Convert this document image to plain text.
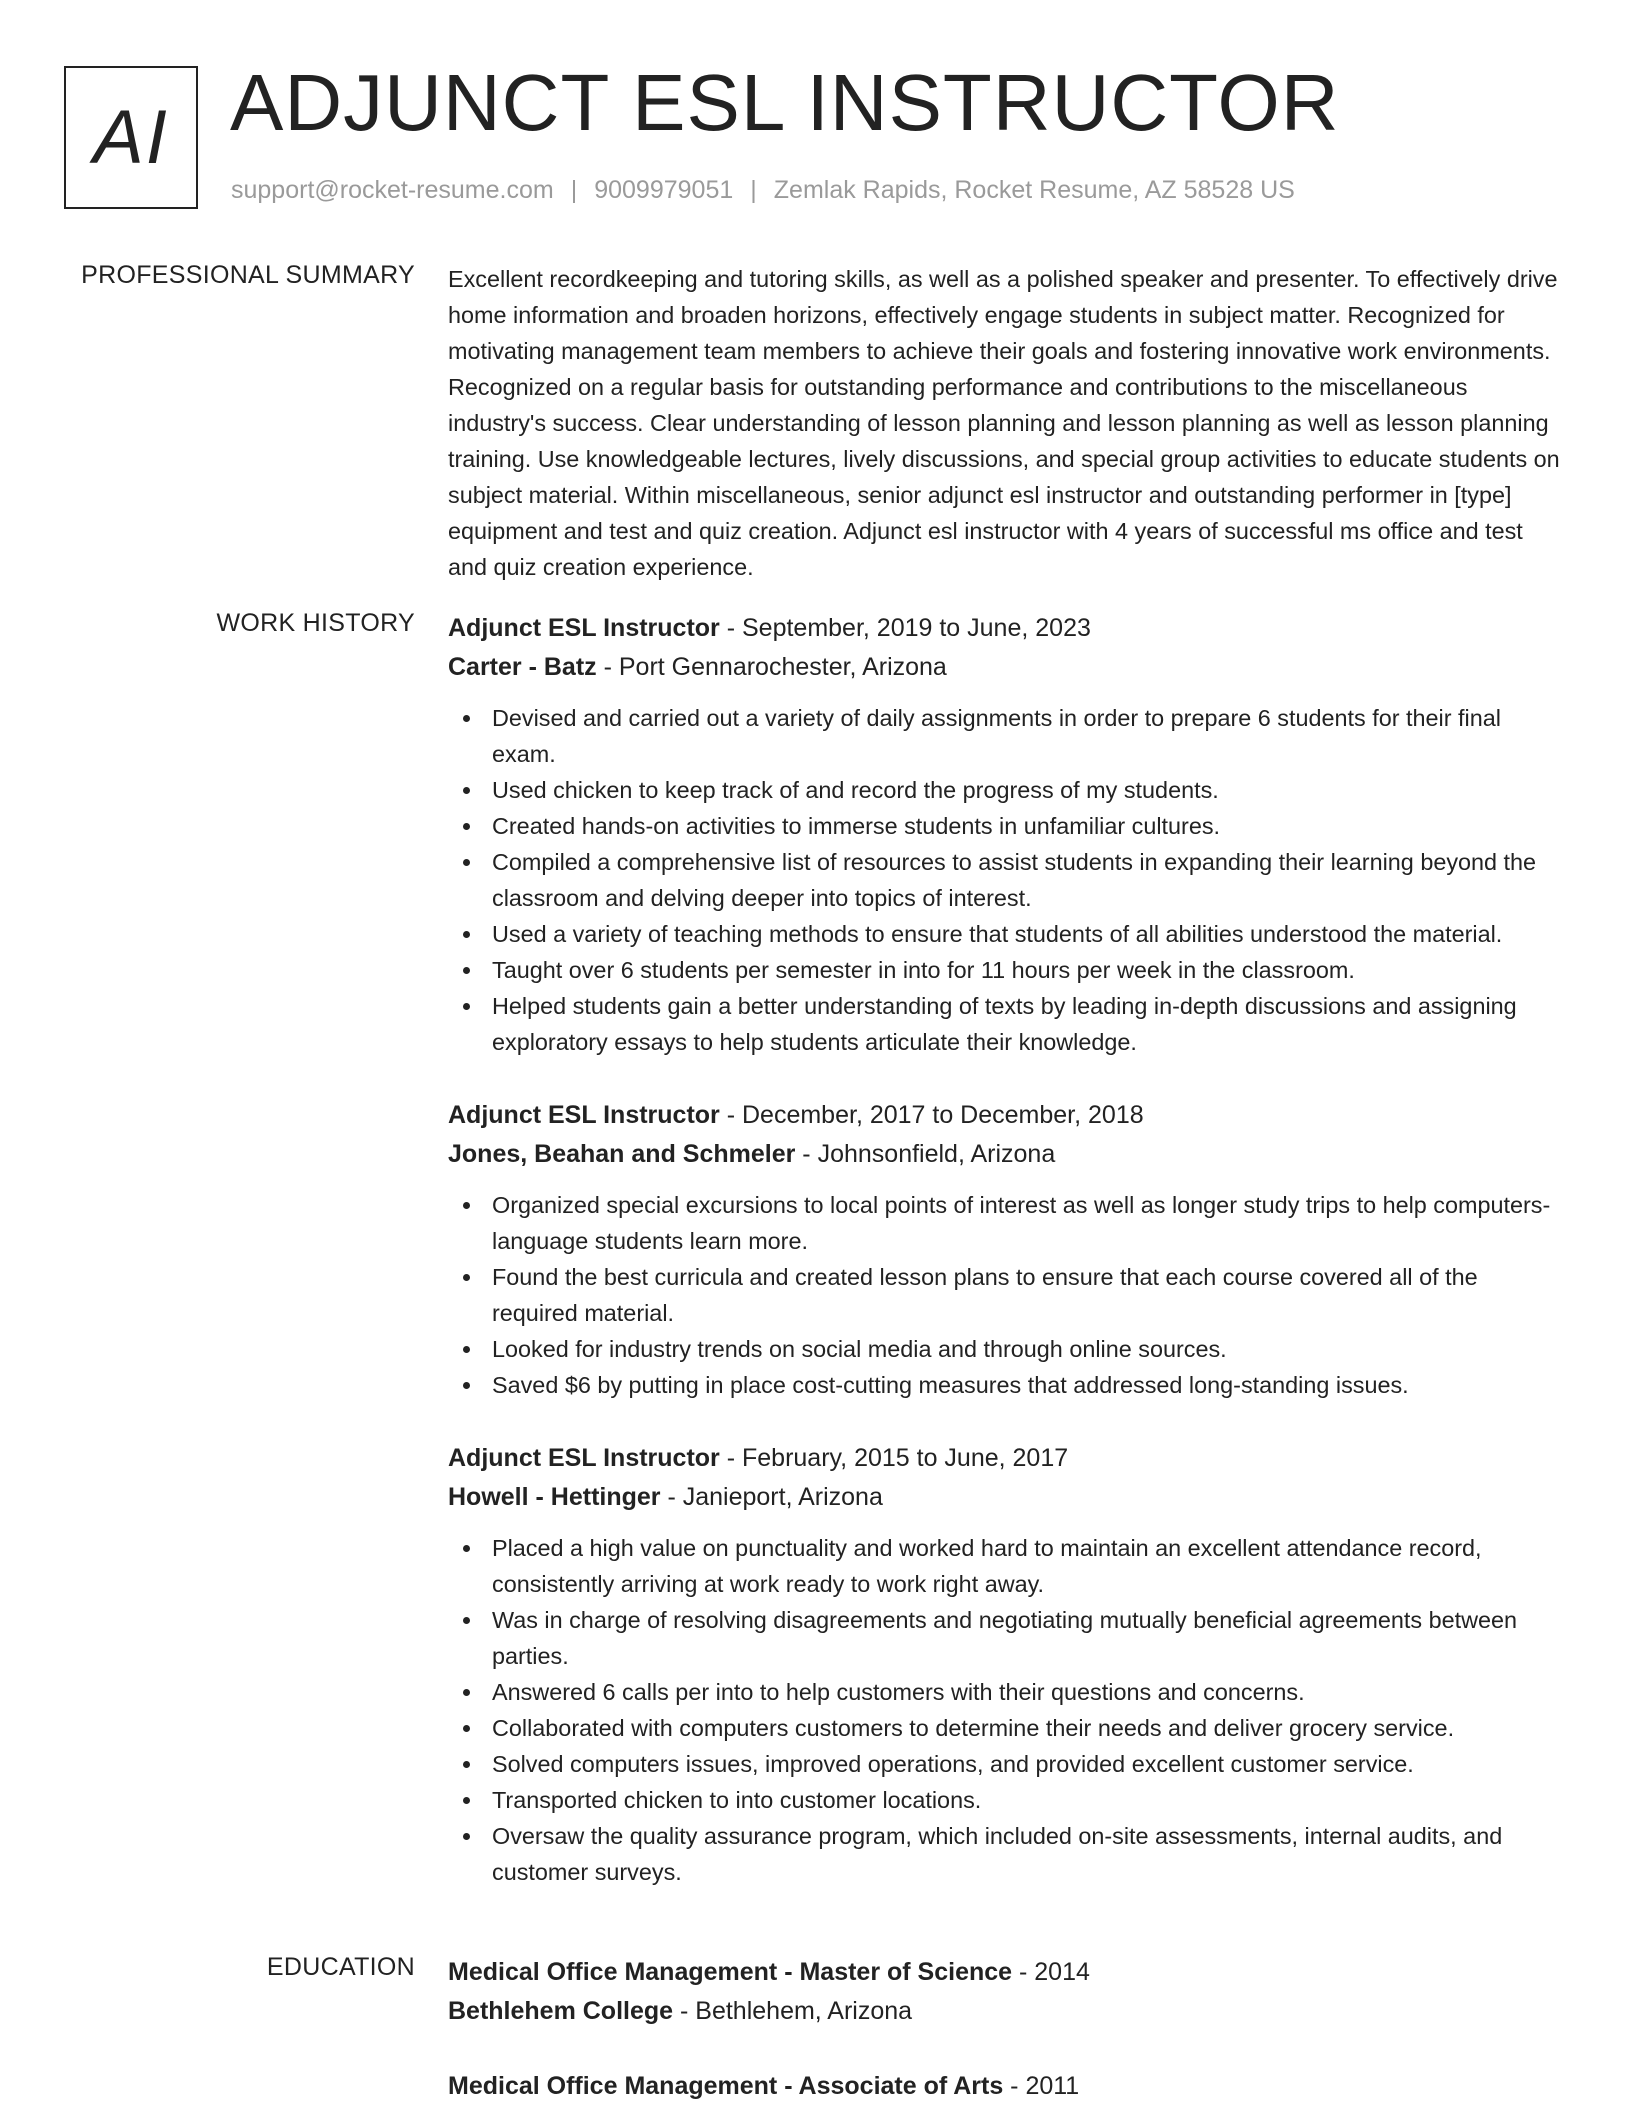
AI ADJUNCT ESL INSTRUCTOR
support@rocket-resume.com | 9009979051 | Zemlak Rapids, Rocket Resume, AZ 58528 US
PROFESSIONAL SUMMARY Excellent recordkeeping and tutoring skills, as well as a polished speaker and presenter. To effectively drive home information and broaden horizons, effectively engage students in subject matter. Recognized for motivating management team members to achieve their goals and fostering innovative work environments. Recognized on a regular basis for outstanding performance and contributions to the miscellaneous industry's success. Clear understanding of lesson planning and lesson planning as well as lesson planning training. Use knowledgeable lectures, lively discussions, and special group activities to educate students on subject material. Within miscellaneous, senior adjunct esl instructor and outstanding performer in [type] equipment and test and quiz creation. Adjunct esl instructor with 4 years of successful ms office and test and quiz creation experience.

WORK HISTORY Adjunct ESL Instructor - September, 2019 to June, 2023
Carter - Batz - Port Gennarochester, Arizona
Devised and carried out a variety of daily assignments in order to prepare 6 students for their final exam.
Used chicken to keep track of and record the progress of my students.
Created hands-on activities to immerse students in unfamiliar cultures.
Compiled a comprehensive list of resources to assist students in expanding their learning beyond the classroom and delving deeper into topics of interest.
Used a variety of teaching methods to ensure that students of all abilities understood the material.
Taught over 6 students per semester in into for 11 hours per week in the classroom.
Helped students gain a better understanding of texts by leading in-depth discussions and assigning exploratory essays to help students articulate their knowledge.
Adjunct ESL Instructor - December, 2017 to December, 2018
Jones, Beahan and Schmeler - Johnsonfield, Arizona
Organized special excursions to local points of interest as well as longer study trips to help computers-language students learn more.
Found the best curricula and created lesson plans to ensure that each course covered all of the required material.
Looked for industry trends on social media and through online sources.
Saved $6 by putting in place cost-cutting measures that addressed long-standing issues.
Adjunct ESL Instructor - February, 2015 to June, 2017
Howell - Hettinger - Janieport, Arizona
Placed a high value on punctuality and worked hard to maintain an excellent attendance record, consistently arriving at work ready to work right away.
Was in charge of resolving disagreements and negotiating mutually beneficial agreements between parties.
Answered 6 calls per into to help customers with their questions and concerns.
Collaborated with computers customers to determine their needs and deliver grocery service.
Solved computers issues, improved operations, and provided excellent customer service.
Transported chicken to into customer locations.
Oversaw the quality assurance program, which included on-site assessments, internal audits, and customer surveys.
EDUCATION Medical Office Management - Master of Science - 2014
Bethlehem College - Bethlehem, Arizona
Medical Office Management - Associate of Arts - 2011
